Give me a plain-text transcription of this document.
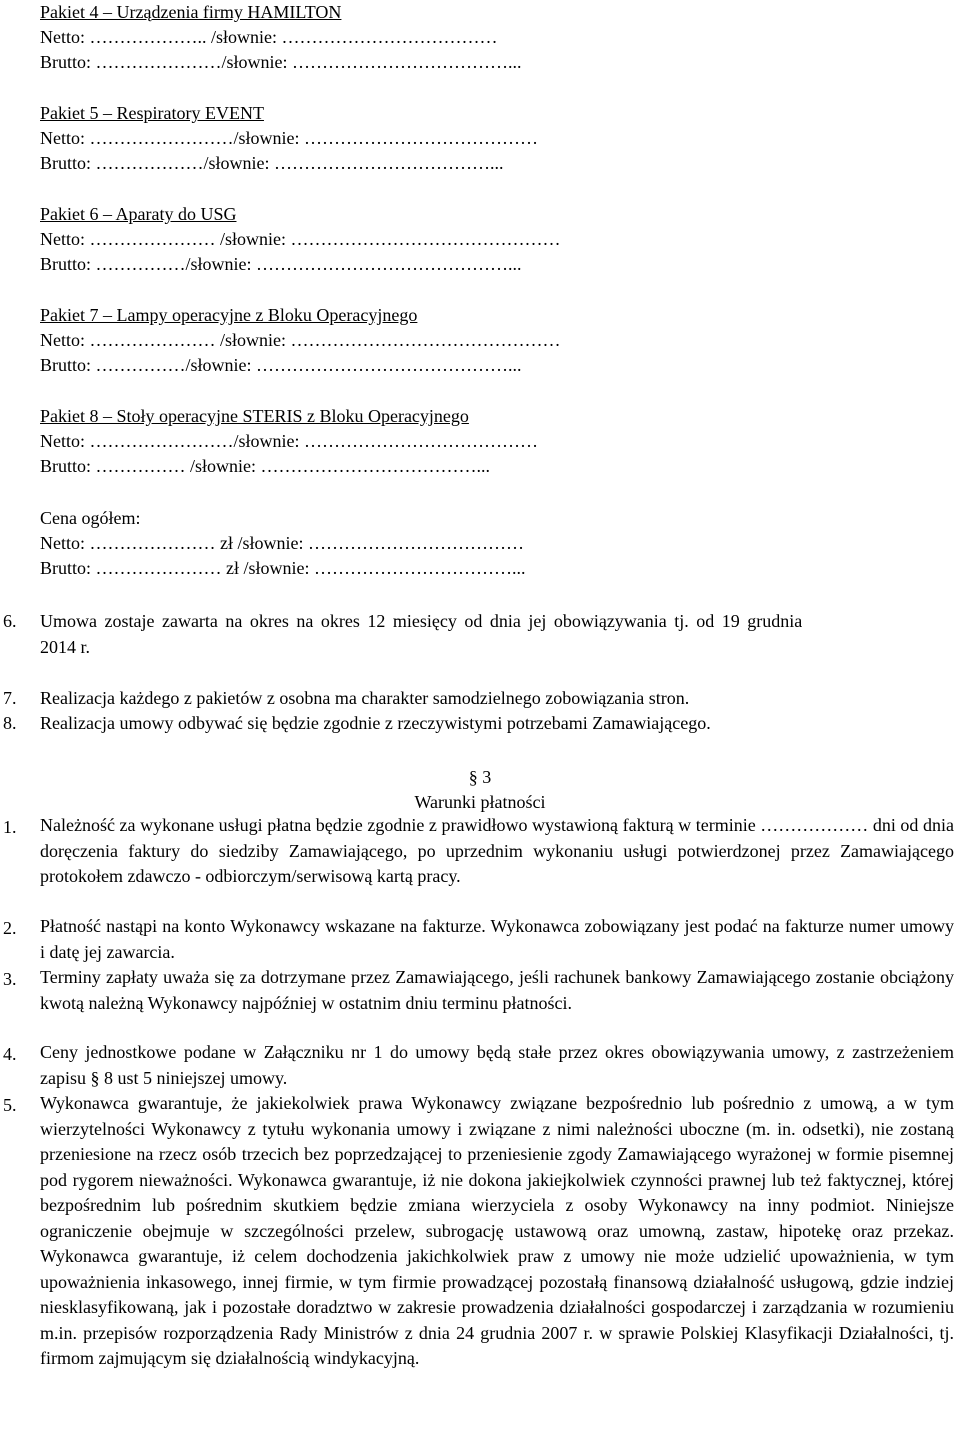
Pakiet 4 – Urządzenia firmy HAMILTON
Netto: ……………….. /słownie: ………………………………
Brutto: …………………/słownie: ………………………………...
Pakiet 5 – Respiratory EVENT
Netto: ……………………/słownie: …………………………………
Brutto: ………………/słownie: ………………………………...
Pakiet 6 – Aparaty do USG
Netto: ………………… /słownie: ………………………………………
Brutto: ……………/słownie: ……………………………………...
Pakiet 7 – Lampy operacyjne z Bloku Operacyjnego
Netto: ………………… /słownie: ………………………………………
Brutto: ……………/słownie: ……………………………………...
Pakiet 8 – Stoły operacyjne STERIS z Bloku Operacyjnego
Netto: ……………………/słownie: …………………………………
Brutto: …………… /słownie: ………………………………...
Cena ogółem:
Netto: ………………… zł /słownie: ………………………………
Brutto: ………………… zł /słownie: ……………………………...
6. Umowa zostaje zawarta na okres na okres 12 miesięcy od dnia jej obowiązywania tj. od 19 grudnia
2014 r.
7. Realizacja każdego z pakietów z osobna ma charakter samodzielnego zobowiązania stron.
8. Realizacja umowy odbywać się będzie zgodnie z rzeczywistymi potrzebami Zamawiającego.
§ 3
Warunki płatności
1. Należność za wykonane usługi płatna będzie zgodnie z prawidłowo wystawioną fakturą w terminie ……………… dni od dnia doręczenia faktury do siedziby Zamawiającego, po uprzednim wykonaniu usługi potwierdzonej przez Zamawiającego protokołem zdawczo - odbiorczym/serwisową kartą pracy.
2. Płatność nastąpi na konto Wykonawcy wskazane na fakturze. Wykonawca zobowiązany jest podać na fakturze numer umowy i datę jej zawarcia.
3. Terminy zapłaty uważa się za dotrzymane przez Zamawiającego, jeśli rachunek bankowy Zamawiającego zostanie obciążony kwotą należną Wykonawcy najpóźniej w ostatnim dniu terminu płatności.
4. Ceny jednostkowe podane w Załączniku nr 1 do umowy będą stałe przez okres obowiązywania umowy, z zastrzeżeniem zapisu § 8 ust 5 niniejszej umowy.
5. Wykonawca gwarantuje, że jakiekolwiek prawa Wykonawcy związane bezpośrednio lub pośrednio z umową, a w tym wierzytelności Wykonawcy z tytułu wykonania umowy i związane z nimi należności uboczne (m. in. odsetki), nie zostaną przeniesione na rzecz osób trzecich bez poprzedzającej to przeniesienie zgody Zamawiającego wyrażonej w formie pisemnej pod rygorem nieważności. Wykonawca gwarantuje, iż nie dokona jakiejkolwiek czynności prawnej lub też faktycznej, której bezpośrednim lub pośrednim skutkiem będzie zmiana wierzyciela z osoby Wykonawcy na inny podmiot. Niniejsze ograniczenie obejmuje w szczególności przelew, subrogację ustawową oraz umowną, zastaw, hipotekę oraz przekaz. Wykonawca gwarantuje, iż celem dochodzenia jakichkolwiek praw z umowy nie może udzielić upoważnienia, w tym upoważnienia inkasowego, innej firmie, w tym firmie prowadzącej pozostałą finansową działalność usługową, gdzie indziej niesklasyfikowaną, jak i pozostałe doradztwo w zakresie prowadzenia działalności gospodarczej i zarządzania w rozumieniu m.in. przepisów rozporządzenia Rady Ministrów z dnia 24 grudnia 2007 r. w sprawie Polskiej Klasyfikacji Działalności, tj. firmom zajmującym się działalnością windykacyjną.
